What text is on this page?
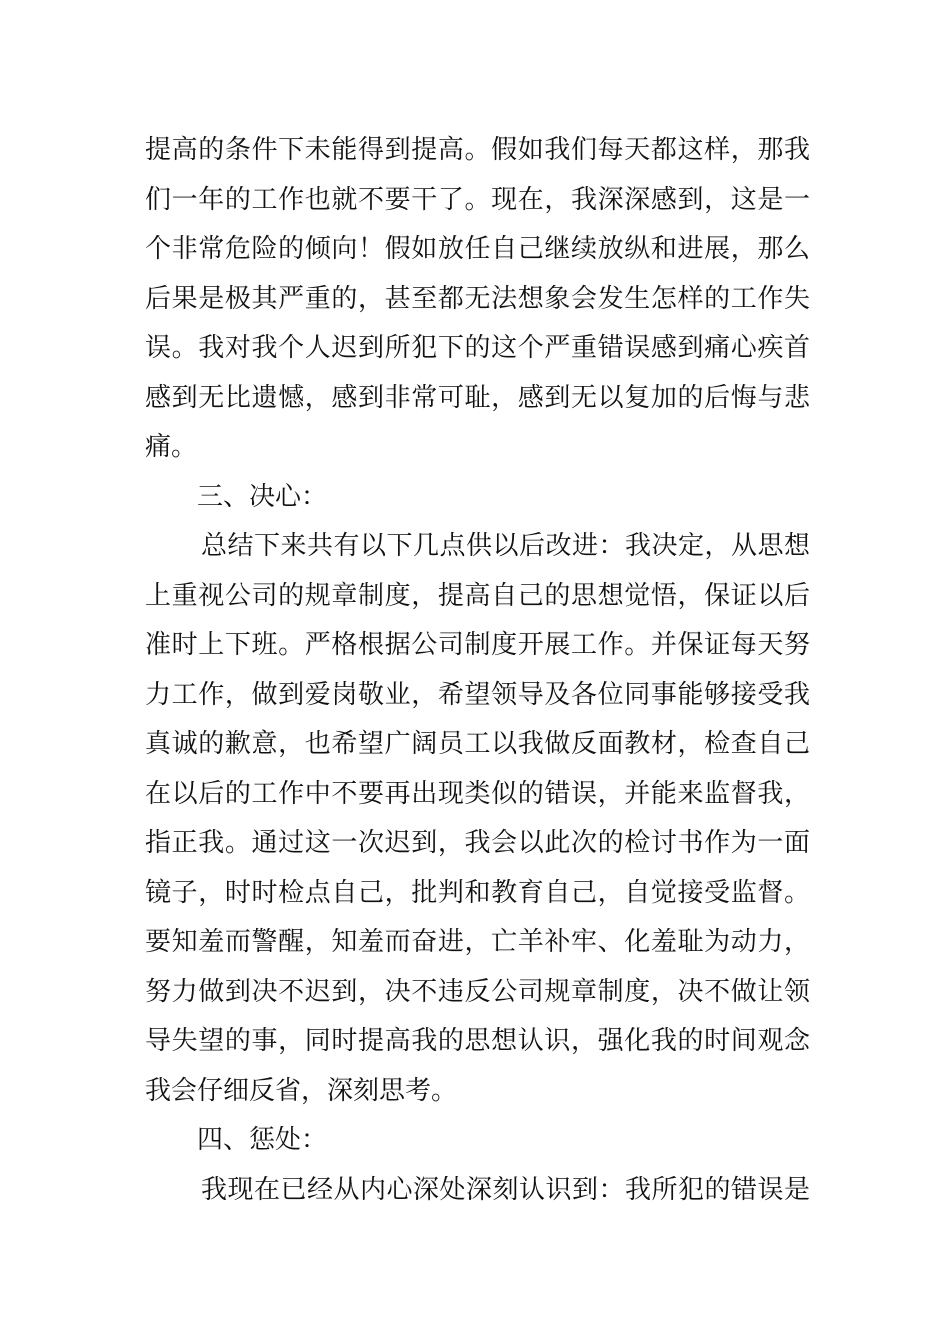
提高的条件下未能得到提高。假如我们每天都这样，那我
们一年的工作也就不要干了。现在，我深深感到，这是一
个非常危险的倾向！假如放任自己继续放纵和进展，那么
后果是极其严重的，甚至都无法想象会发生怎样的工作失
误。我对我个人迟到所犯下的这个严重错误感到痛心疾首
感到无比遗憾，感到非常可耻，感到无以复加的后悔与悲
痛。
三、决心：
总结下来共有以下几点供以后改进：我决定，从思想
上重视公司的规章制度，提高自己的思想觉悟，保证以后
准时上下班。严格根据公司制度开展工作。并保证每天努
力工作，做到爱岗敬业，希望领导及各位同事能够接受我
真诚的歉意，也希望广阔员工以我做反面教材，检查自己
在以后的工作中不要再出现类似的错误，并能来监督我，
指正我。通过这一次迟到，我会以此次的检讨书作为一面
镜子，时时检点自己，批判和教育自己，自觉接受监督。
要知羞而警醒，知羞而奋进，亡羊补牢、化羞耻为动力，
努力做到决不迟到，决不违反公司规章制度，决不做让领
导失望的事，同时提高我的思想认识，强化我的时间观念
我会仔细反省，深刻思考。
四、惩处：
我现在已经从内心深处深刻认识到：我所犯的错误是
